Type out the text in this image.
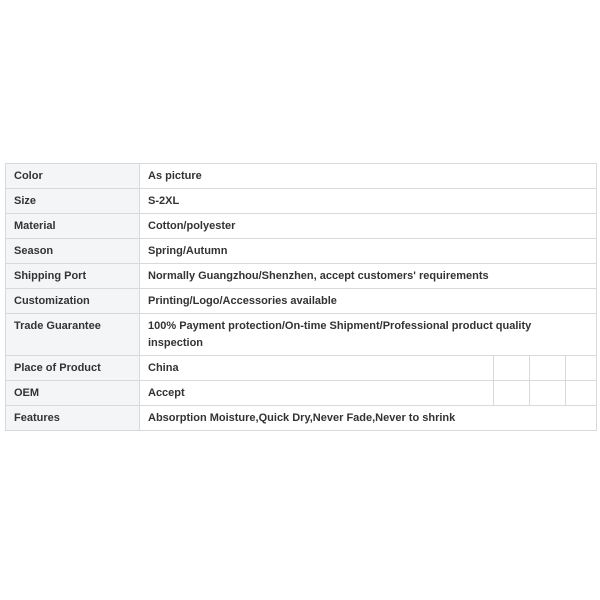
Color	As picture			
Size	S-2XL			
Material	Cotton/polyester			
Season	Spring/Autumn			
Shipping Port	Normally Guangzhou/Shenzhen, accept customers' requirements			
Customization	Printing/Logo/Accessories available			
Trade Guarantee	100% Payment protection/On-time Shipment/Professional product quality inspection			
Place of Product	China			
OEM	Accept			
Features	Absorption Moisture,Quick Dry,Never Fade,Never to shrink			
